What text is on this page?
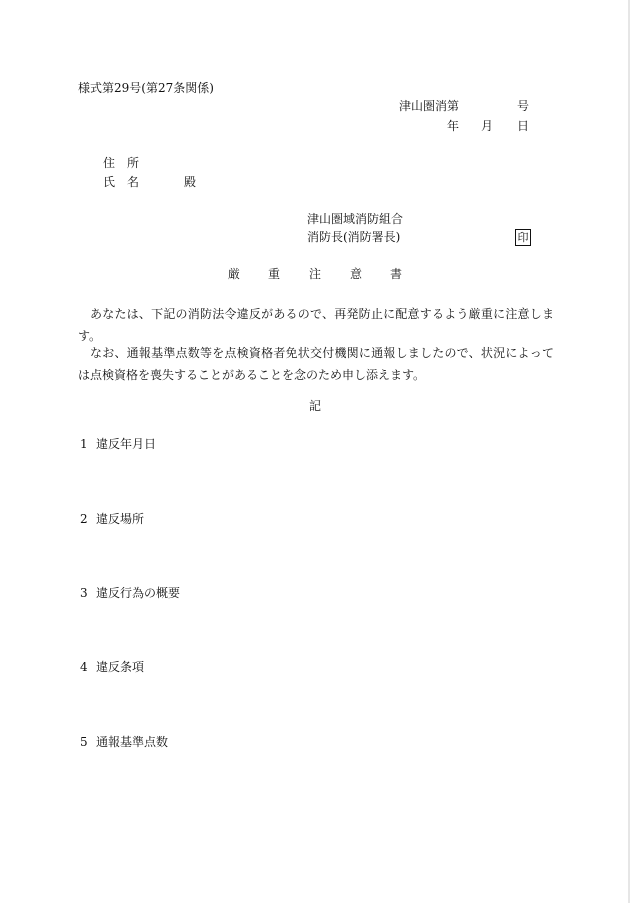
様式第29号(第27条関係)
津山圏消第	号
年 月 日
住　所
氏　名	殿
津山圏域消防組合
消防長(消防署長)	印
厳 重 注 意 書
あなたは、下記の消防法令違反があるので、再発防止に配意するよう厳重に注意します。
なお、通報基準点数等を点検資格者免状交付機関に通報しましたので、状況によっては点検資格を喪失することがあることを念のため申し添えます。
記
1 違反年月日
2 違反場所
3 違反行為の概要
4 違反条項
5 通報基準点数
